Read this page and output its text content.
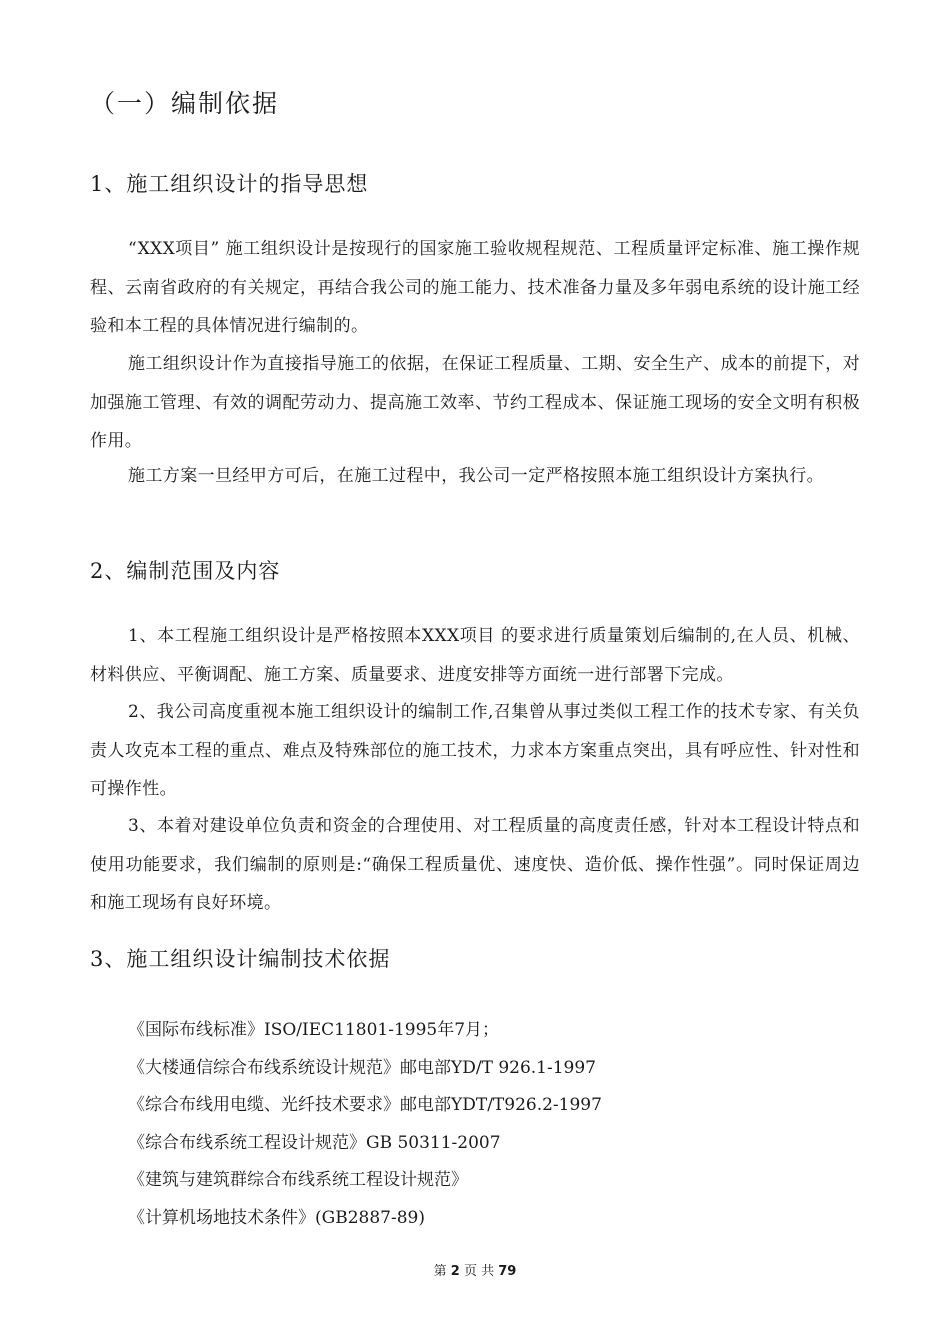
（一）编制依据
1、施工组织设计的指导思想

“XXX项目” 施工组织设计是按现行的国家施工验收规程规范、工程质量评定标准、施工操作规程、云南省政府的有关规定，再结合我公司的施工能力、技术准备力量及多年弱电系统的设计施工经验和本工程的具体情况进行编制的。

施工组织设计作为直接指导施工的依据，在保证工程质量、工期、安全生产、成本的前提下，对加强施工管理、有效的调配劳动力、提高施工效率、节约工程成本、保证施工现场的安全文明有积极作用。

施工方案一旦经甲方可后，在施工过程中，我公司一定严格按照本施工组织设计方案执行。

2、编制范围及内容

1、本工程施工组织设计是严格按照本XXX项目 的要求进行质量策划后编制的,在人员、机械、材料供应、平衡调配、施工方案、质量要求、进度安排等方面统一进行部署下完成。

2、我公司高度重视本施工组织设计的编制工作,召集曾从事过类似工程工作的技术专家、有关负责人攻克本工程的重点、难点及特殊部位的施工技术，力求本方案重点突出，具有呼应性、针对性和可操作性。

3、本着对建设单位负责和资金的合理使用、对工程质量的高度责任感，针对本工程设计特点和使用功能要求，我们编制的原则是:“确保工程质量优、速度快、造价低、操作性强”。同时保证周边和施工现场有良好环境。

3、施工组织设计编制技术依据
《国际布线标准》ISO/IEC11801-1995年7月；
《大楼通信综合布线系统设计规范》邮电部YD/T 926.1-1997
《综合布线用电缆、光纤技术要求》邮电部YDT/T926.2-1997
《综合布线系统工程设计规范》GB 50311-2007
《建筑与建筑群综合布线系统工程设计规范》
《计算机场地技术条件》(GB2887-89)
第 2 页 共 79
